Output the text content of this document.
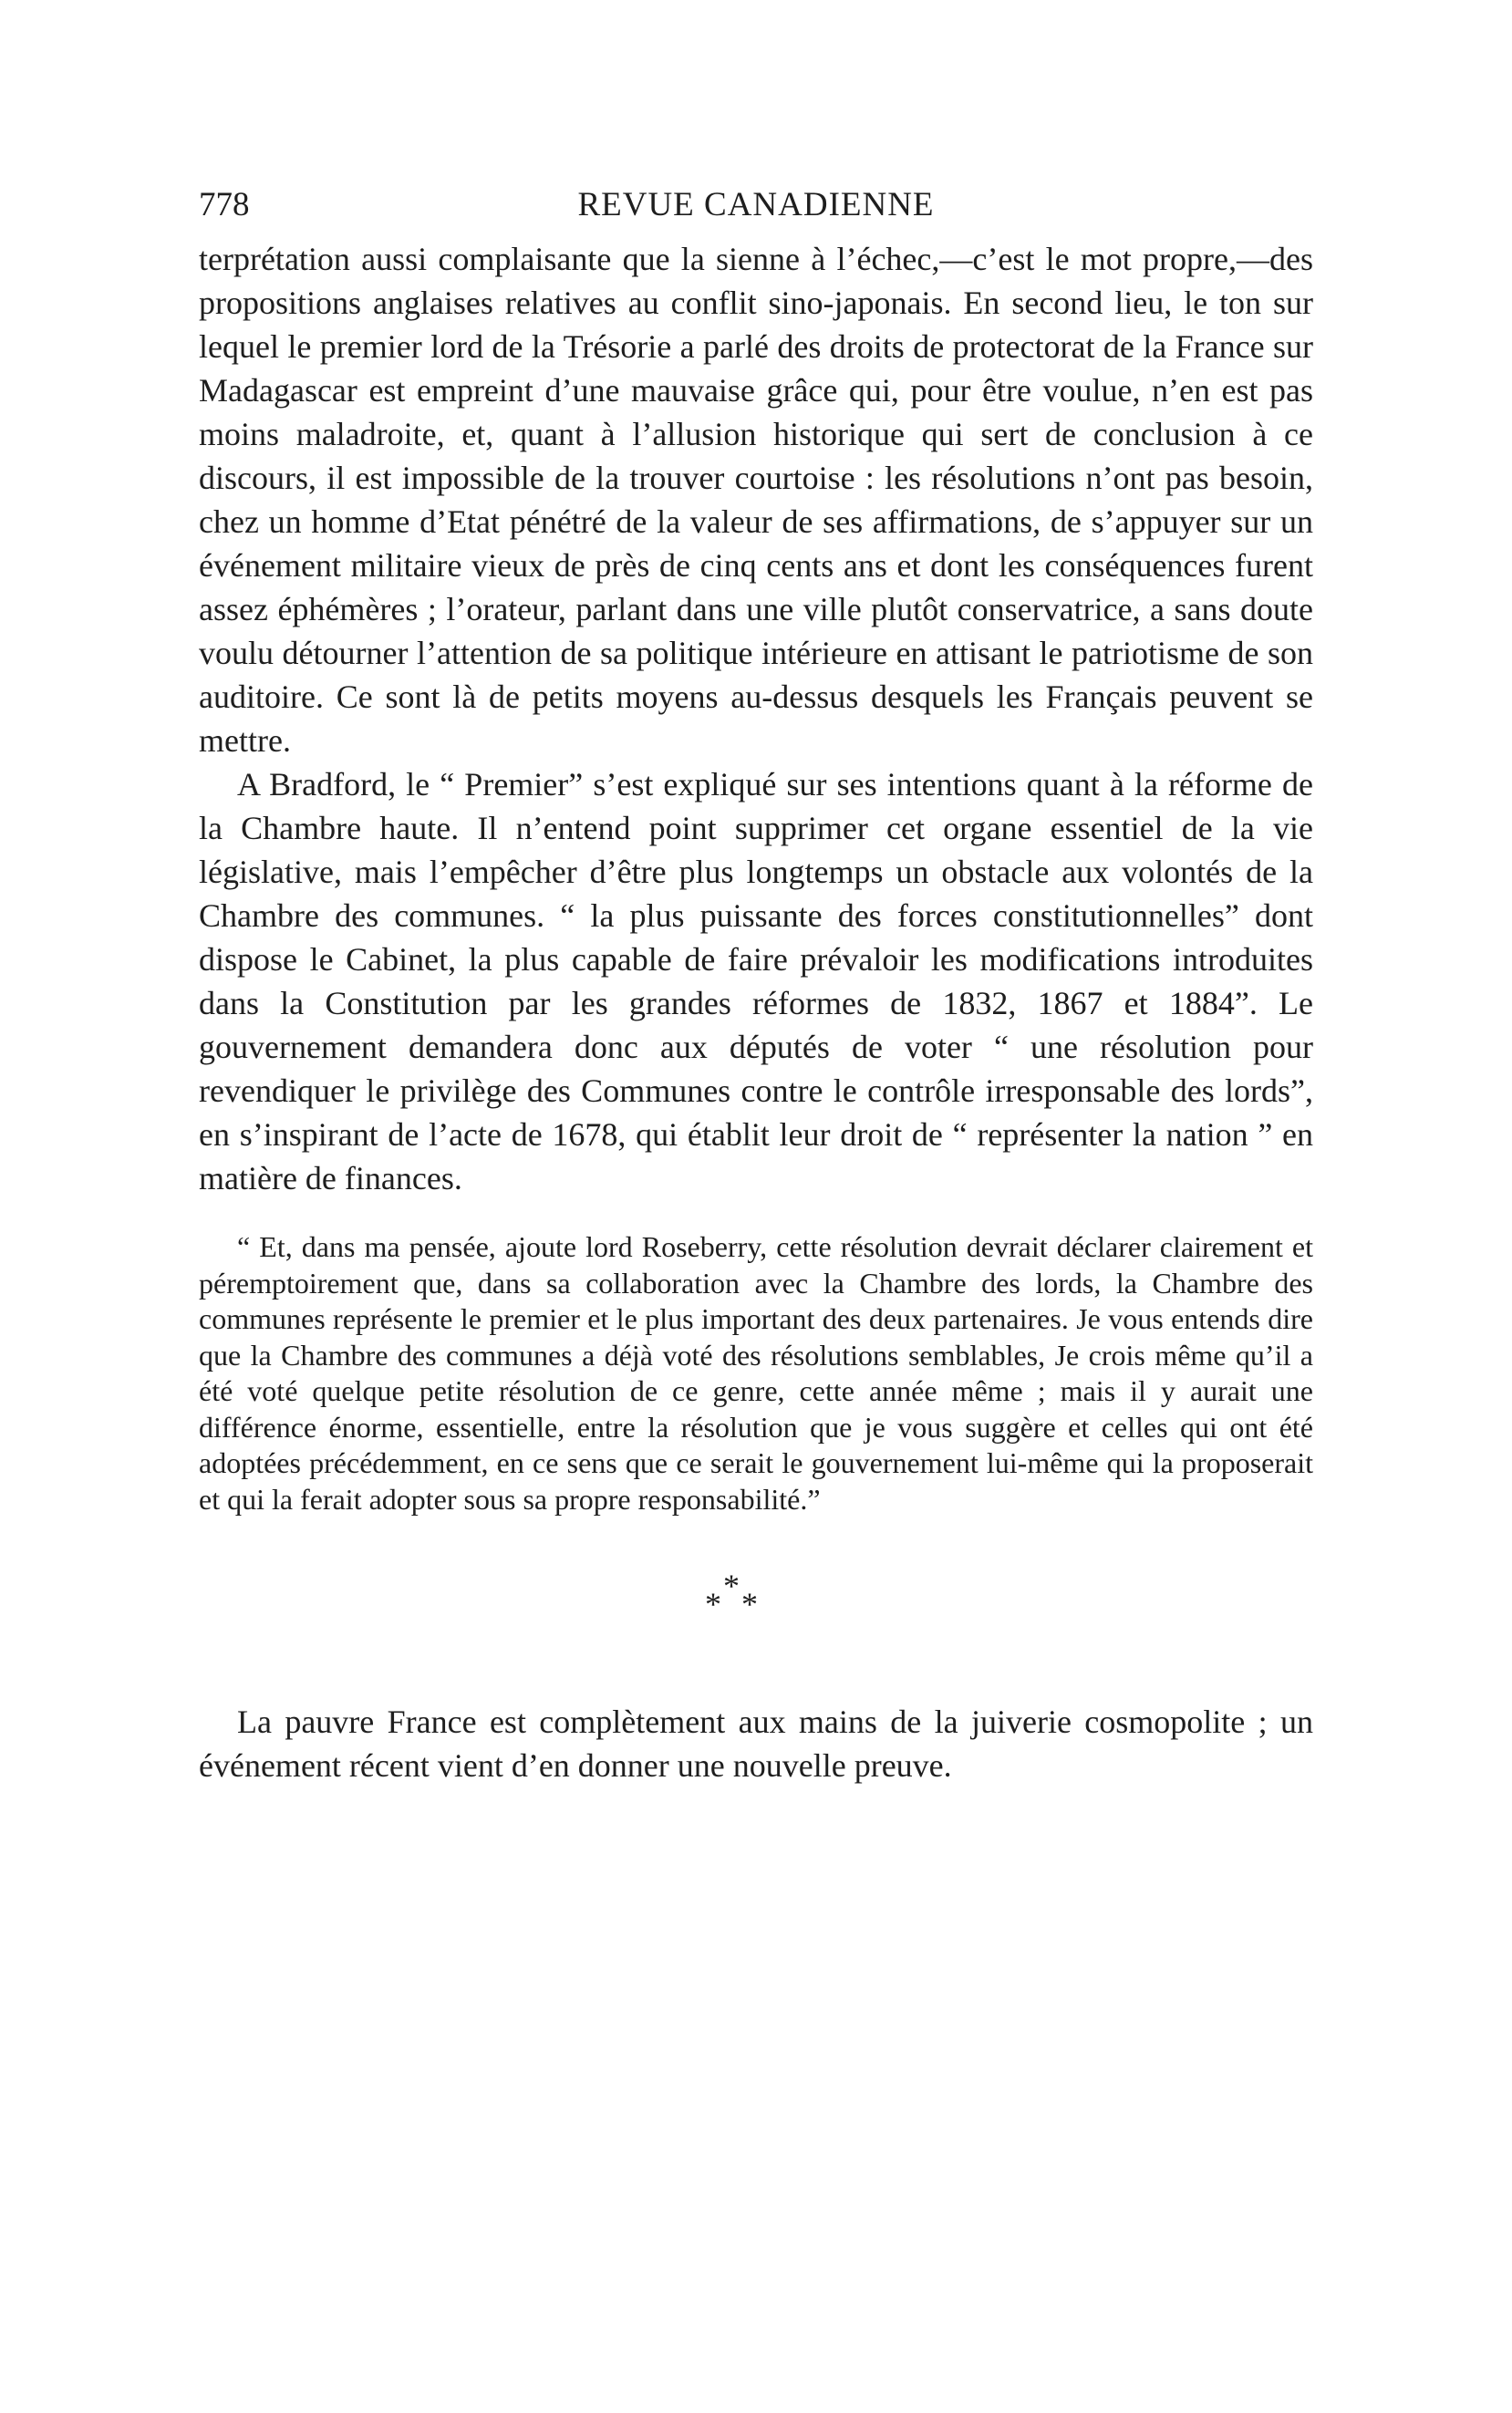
778	REVUE CANADIENNE

terprétation aussi complaisante que la sienne à l’échec,—c’est le mot propre,—des propositions anglaises relatives au conflit sino-japonais. En second lieu, le ton sur lequel le premier lord de la Trésorie a parlé des droits de protectorat de la France sur Madagascar est empreint d’une mauvaise grâce qui, pour être voulue, n’en est pas moins maladroite, et, quant à l’allusion historique qui sert de conclusion à ce discours, il est impossible de la trouver courtoise : les résolutions n’ont pas besoin, chez un homme d’Etat pénétré de la valeur de ses affirmations, de s’appuyer sur un événement militaire vieux de près de cinq cents ans et dont les conséquences furent assez éphémères ; l’orateur, parlant dans une ville plutôt conservatrice, a sans doute voulu détourner l’attention de sa politique intérieure en attisant le patriotisme de son auditoire. Ce sont là de petits moyens au-dessus desquels les Français peuvent se mettre.

A Bradford, le “ Premier” s’est expliqué sur ses intentions quant à la réforme de la Chambre haute. Il n’entend point supprimer cet organe essentiel de la vie législative, mais l’empêcher d’être plus longtemps un obstacle aux volontés de la Chambre des communes. “ la plus puissante des forces constitutionnelles” dont dispose le Cabinet, la plus capable de faire prévaloir les modifications introduites dans la Constitution par les grandes réformes de 1832, 1867 et 1884”. Le gouvernement demandera donc aux députés de voter “ une résolution pour revendiquer le privilège des Communes contre le contrôle irresponsable des lords”, en s’inspirant de l’acte de 1678, qui établit leur droit de “ représenter la nation ” en matière de finances.

“ Et, dans ma pensée, ajoute lord Roseberry, cette résolution devrait déclarer clairement et péremptoirement que, dans sa collaboration avec la Chambre des lords, la Chambre des communes représente le premier et le plus important des deux partenaires. Je vous entends dire que la Chambre des communes a déjà voté des résolutions semblables, Je crois même qu’il a été voté quelque petite résolution de ce genre, cette année même ; mais il y aurait une différence énorme, essentielle, entre la résolution que je vous suggère et celles qui ont été adoptées précédemment, en ce sens que ce serait le gouvernement lui-même qui la proposerait et qui la ferait adopter sous sa propre responsabilité.”

*
* *

La pauvre France est complètement aux mains de la juiverie cosmopolite ; un événement récent vient d’en donner une nouvelle preuve.
